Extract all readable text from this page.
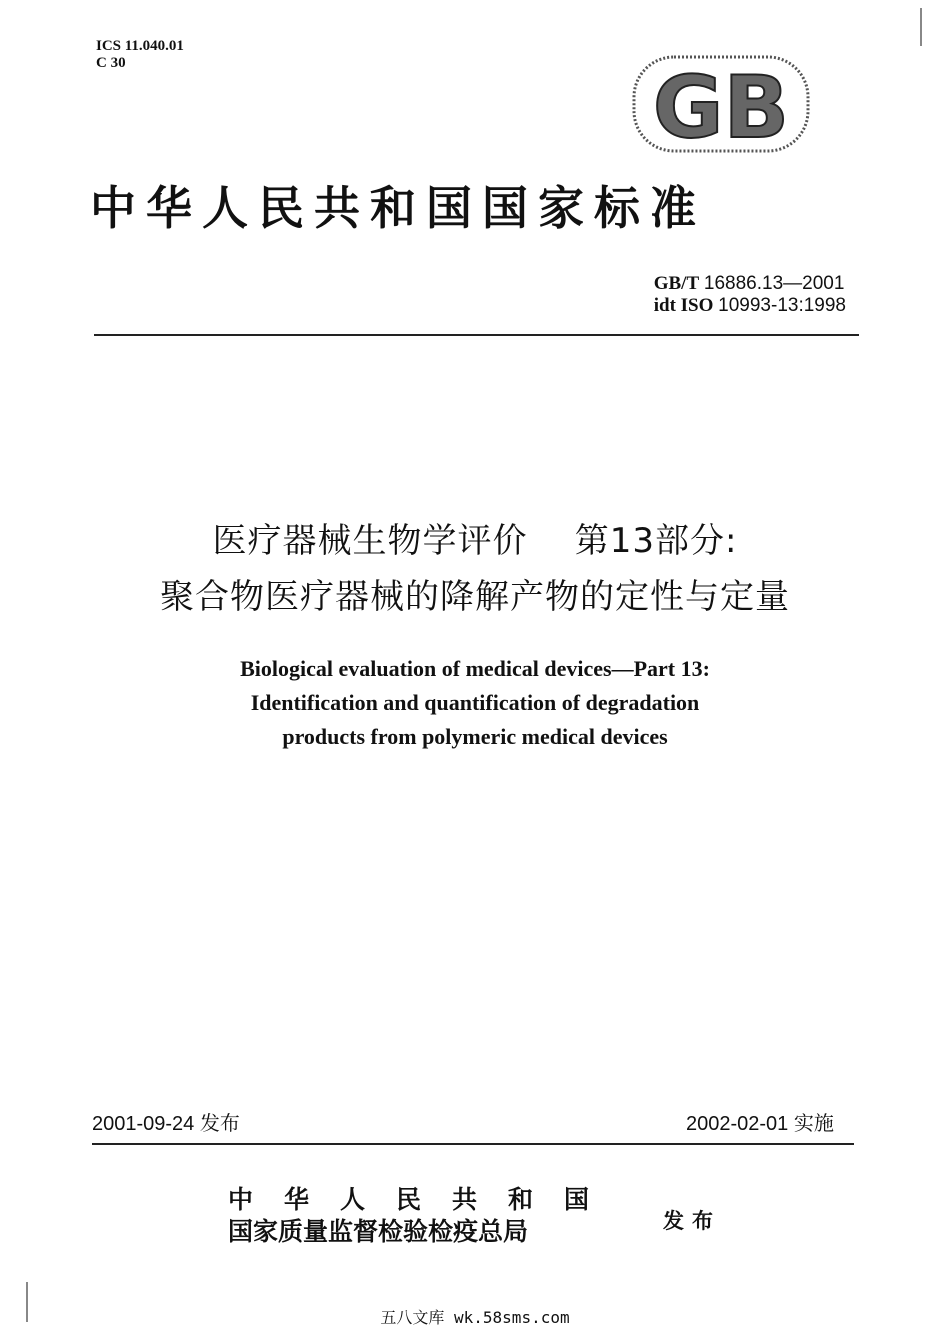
ICS 11.040.01
C 30	GB
中华人民共和国国家标准
GB/T 16886.13—2001
idt ISO 10993-13:1998
医疗器械生物学评价    第13部分:
聚合物医疗器械的降解产物的定性与定量
Biological evaluation of medical devices—Part 13:
Identification and quantification of degradation
products from polymeric medical devices
2001-09-24 发布	2002-02-01 实施
中华人民共和国
国家质量监督检验检疫总局	发布
五八文库 wk.58sms.com
